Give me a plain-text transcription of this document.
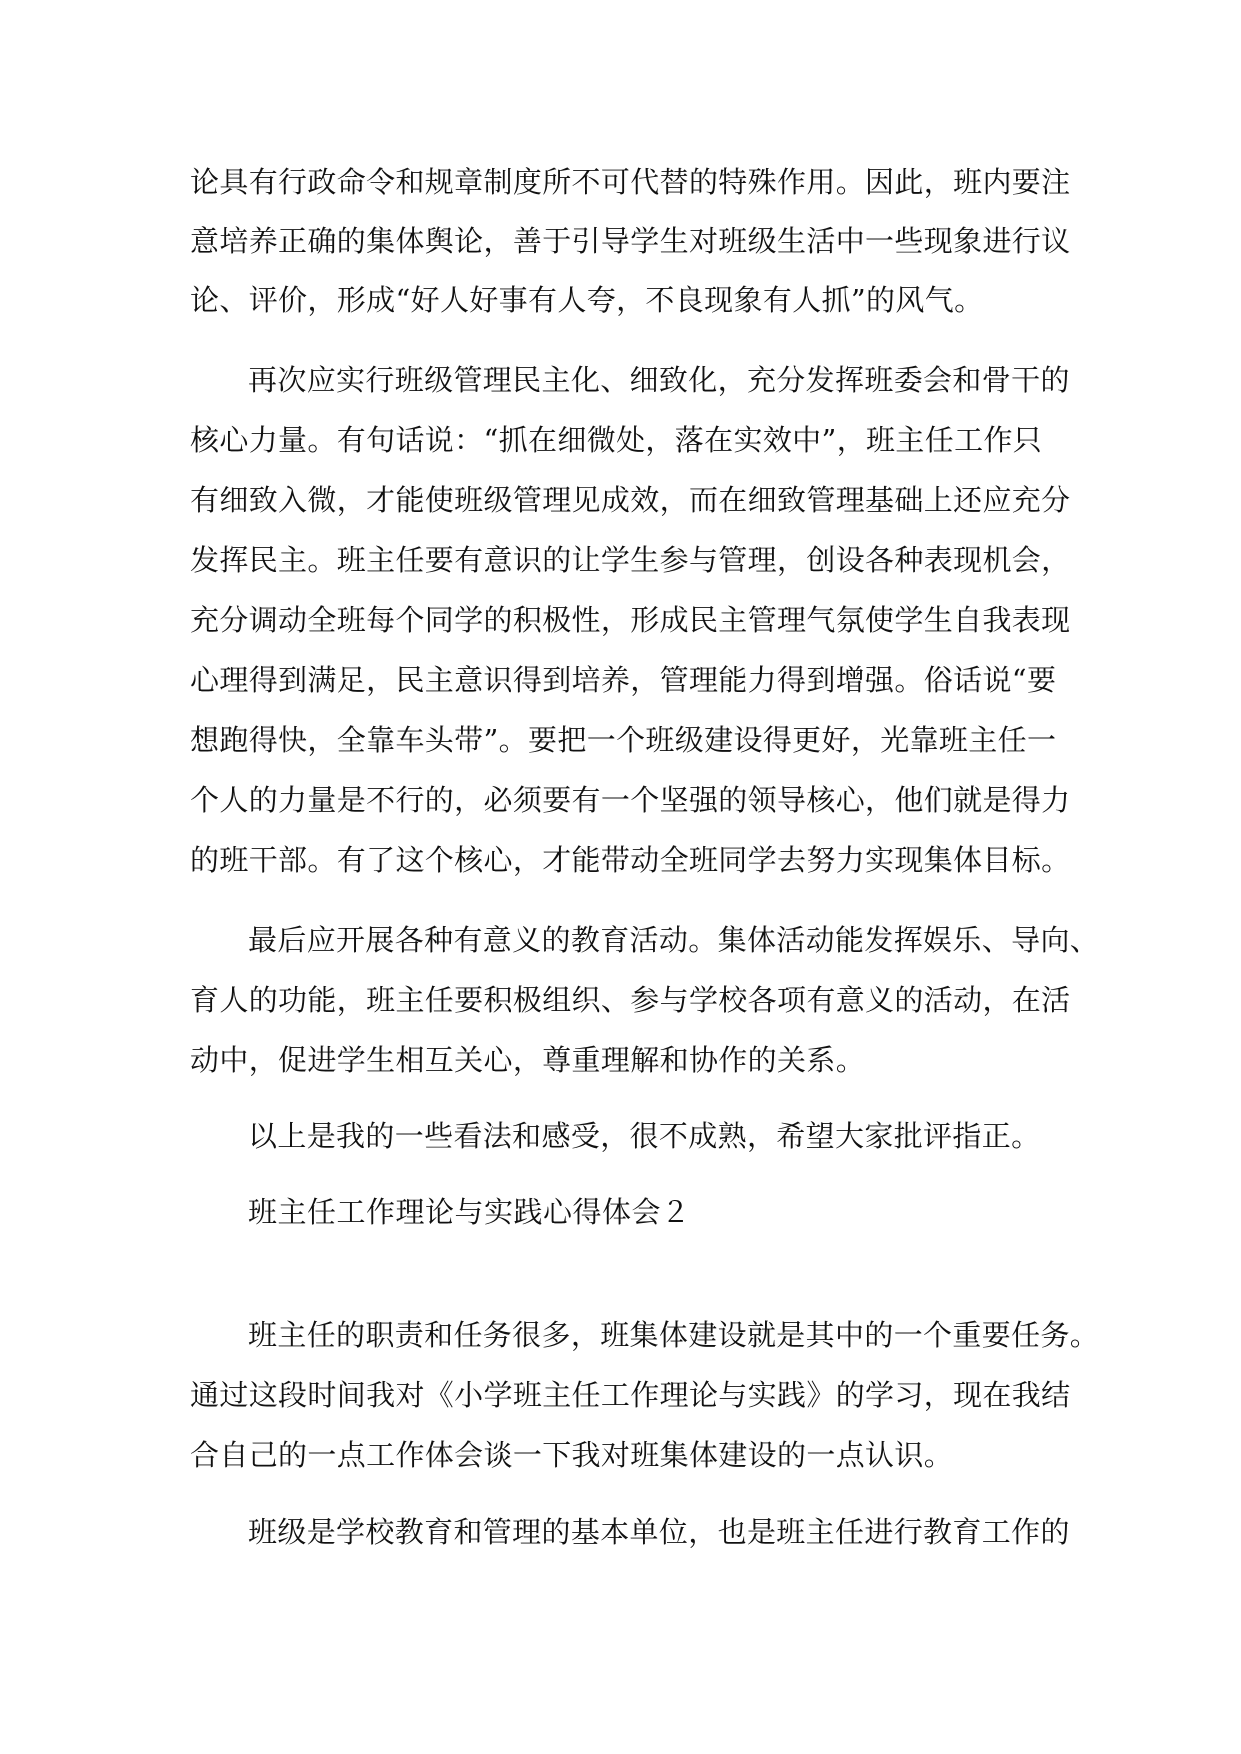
论具有行政命令和规章制度所不可代替的特殊作用。因此，班内要注
意培养正确的集体舆论，善于引导学生对班级生活中一些现象进行议
论、评价，形成“好人好事有人夸，不良现象有人抓”的风气。
再次应实行班级管理民主化、细致化，充分发挥班委会和骨干的
核心力量。有句话说：“抓在细微处，落在实效中”，班主任工作只
有细致入微，才能使班级管理见成效，而在细致管理基础上还应充分
发挥民主。班主任要有意识的让学生参与管理，创设各种表现机会，
充分调动全班每个同学的积极性，形成民主管理气氛使学生自我表现
心理得到满足，民主意识得到培养，管理能力得到增强。俗话说“要
想跑得快，全靠车头带”。要把一个班级建设得更好，光靠班主任一
个人的力量是不行的，必须要有一个坚强的领导核心，他们就是得力
的班干部。有了这个核心，才能带动全班同学去努力实现集体目标。
最后应开展各种有意义的教育活动。集体活动能发挥娱乐、导向、
育人的功能，班主任要积极组织、参与学校各项有意义的活动，在活
动中，促进学生相互关心，尊重理解和协作的关系。
以上是我的一些看法和感受，很不成熟，希望大家批评指正。
班主任工作理论与实践心得体会２
班主任的职责和任务很多，班集体建设就是其中的一个重要任务。
通过这段时间我对《小学班主任工作理论与实践》的学习，现在我结
合自己的一点工作体会谈一下我对班集体建设的一点认识。
班级是学校教育和管理的基本单位，也是班主任进行教育工作的
